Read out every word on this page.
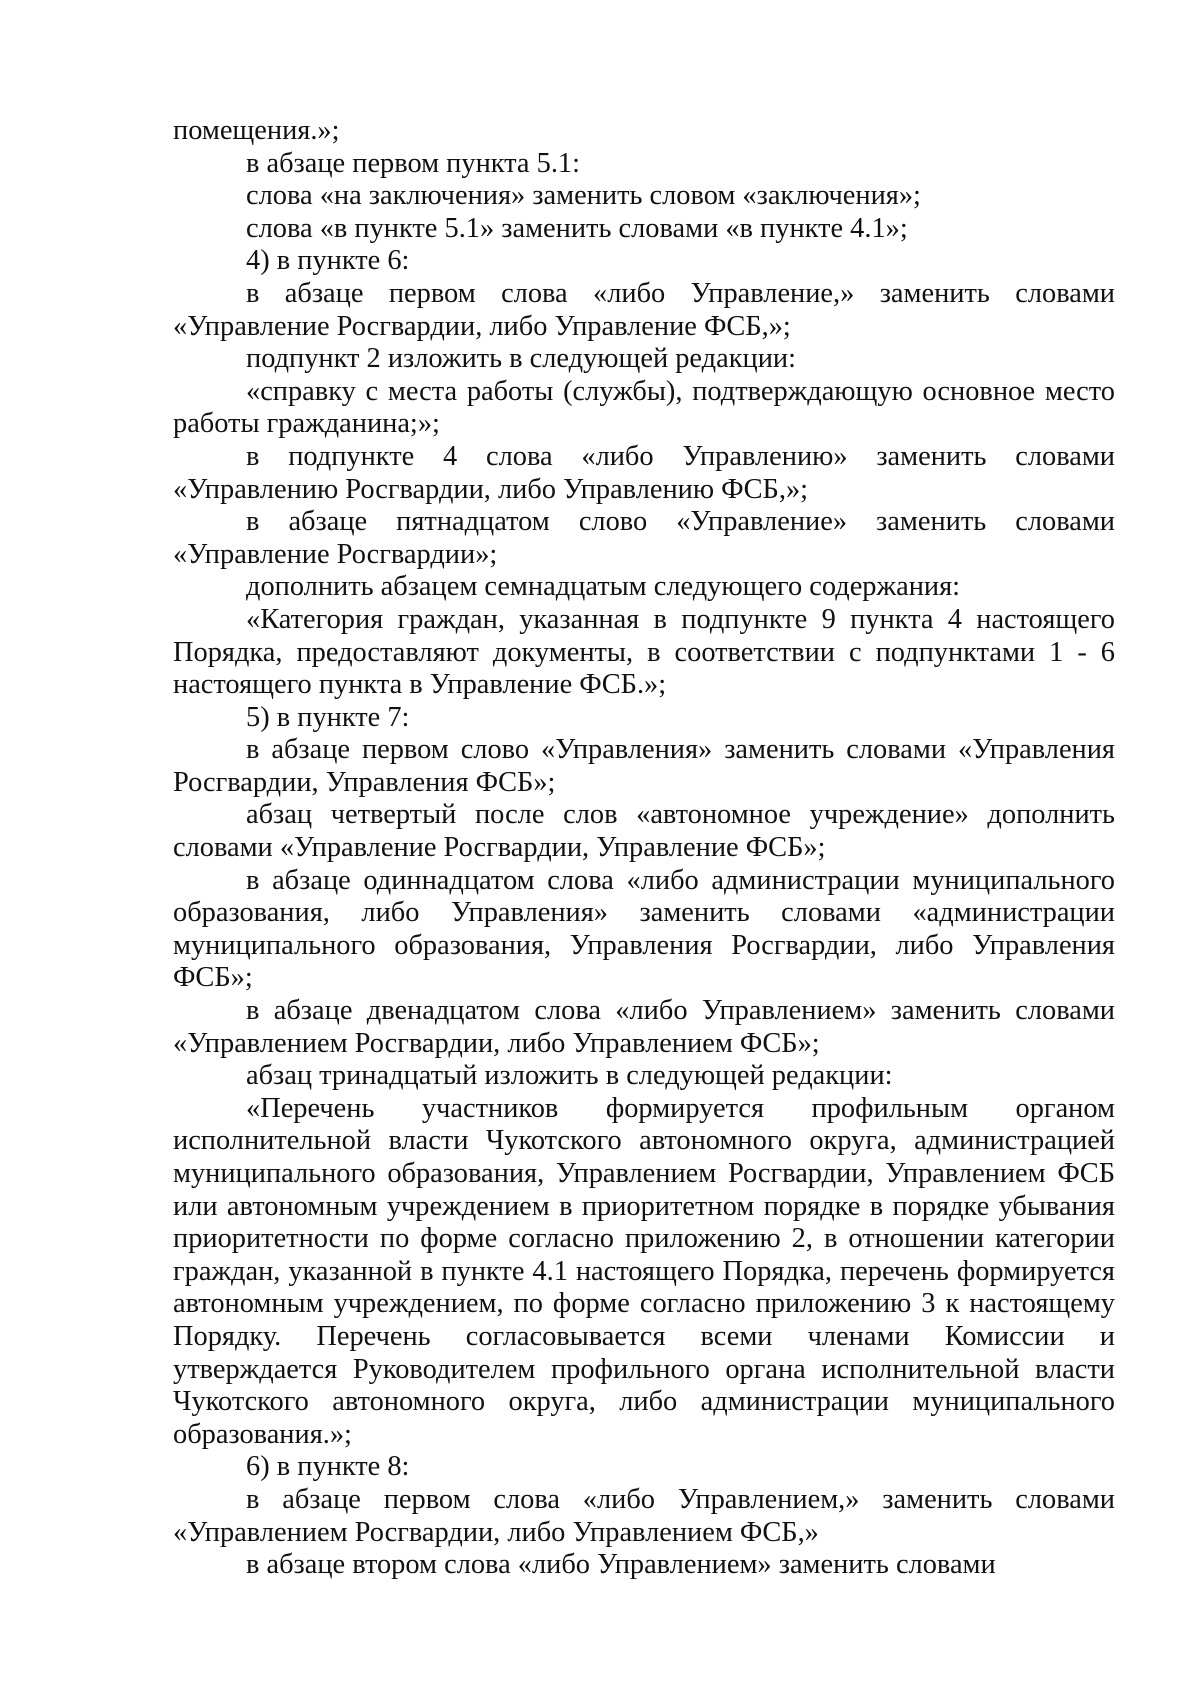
помещения.»;

в абзаце первом пункта 5.1:

слова «на заключения» заменить словом «заключения»;

слова «в пункте 5.1» заменить словами «в пункте 4.1»;

4) в пункте 6:

в абзаце первом слова «либо Управление,» заменить словами «Управление Росгвардии, либо Управление ФСБ,»;

подпункт 2 изложить в следующей редакции:

«справку с места работы (службы), подтверждающую основное место работы гражданина;»;

в подпункте 4 слова «либо Управлению» заменить словами «Управлению Росгвардии, либо Управлению ФСБ,»;

в абзаце пятнадцатом слово «Управление» заменить словами «Управление Росгвардии»;

дополнить абзацем семнадцатым следующего содержания:

«Категория граждан, указанная в подпункте 9 пункта 4 настоящего Порядка, предоставляют документы, в соответствии с подпунктами 1 - 6 настоящего пункта в Управление ФСБ.»;

5) в пункте 7:

в абзаце первом слово «Управления» заменить словами «Управления Росгвардии, Управления ФСБ»;

абзац четвертый после слов «автономное учреждение» дополнить словами «Управление Росгвардии, Управление ФСБ»;

в абзаце одиннадцатом слова «либо администрации муниципального образования, либо Управления» заменить словами «администрации муниципального образования, Управления Росгвардии, либо Управления ФСБ»;

в абзаце двенадцатом слова «либо Управлением» заменить словами «Управлением Росгвардии, либо Управлением ФСБ»;

абзац тринадцатый изложить в следующей редакции:

«Перечень участников формируется профильным органом исполнительной власти Чукотского автономного округа, администрацией муниципального образования, Управлением Росгвардии, Управлением ФСБ или автономным учреждением в приоритетном порядке в порядке убывания приоритетности по форме согласно приложению 2, в отношении категории граждан, указанной в пункте 4.1 настоящего Порядка, перечень формируется автономным учреждением, по форме согласно приложению 3 к настоящему Порядку. Перечень согласовывается всеми членами Комиссии и утверждается Руководителем профильного органа исполнительной власти Чукотского автономного округа, либо администрации муниципального образования.»;

6) в пункте 8:

в абзаце первом слова «либо Управлением,» заменить словами «Управлением Росгвардии, либо Управлением ФСБ,»

в абзаце втором слова «либо Управлением» заменить словами
